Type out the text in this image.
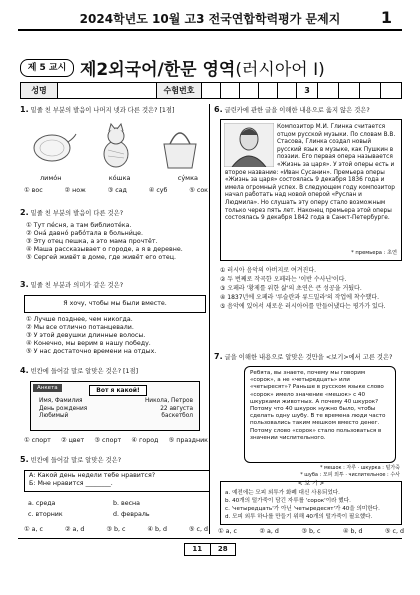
2024학년도 10월 고3 전국연합학력평가 문제지	1
제 5 교시 제2외국어/한문 영역(러시아어 Ⅰ)
성명	수험번호	3
1. 밑줄 친 부분의 발음이 나머지 넷과 다른 것은? [1점]
лимо́н	ко́шка	су́мка
① вос	② нож	③ сад	④ суб	⑤ сок
2. 밑줄 친 부분의 발음이 다른 것은?
① Тут пе́сня, а там библиоте́ка.
② Она́ давно́ рабо́тала в больни́це.
③ Эту отец пешка, а это мама прочтёт.
④ Маша рассказывает о городе, а я в деревне.
⑤ Сергей живёт в доме, где живёт его отец.
3. 밑줄 친 부분과 의미가 같은 것은?
Я хочу, чтобы мы были вместе.
① Лучше позднее, чем никогда.
② Мы все отлично потанцевали.
③ У этой девушки длинные волосы.
④ Конечно, мы верим в нашу победу.
⑤ У нас достаточно времени на отдых.
4. 빈칸에 들어갈 말로 알맞은 것은? [1점]
Анкета	Вот я какой!
Имя, Фамилия	Никола, Петров
День рождения	22 августа
Любимый	баскетбол
① спорт ② цвет ③ спорт ④ город ⑤ праздник
5. 빈칸에 들어갈 말로 알맞은 것은?
A: Какой день недели тебе нравится?
Б: Мне нравится ________.
a. среда	b. весна
c. вторник	d. февраль
① a, c	② a, d	③ b, c	④ b, d	⑤ c, d
6. 글린카에 관한 글을 이해한 내용으로 옳지 않은 것은?
Композитор М.И. Глинка считается отцом русской музыки. По словам В.В. Стасова, Глинка создал новый русский язык в музыке, как Пушкин в поэзии. Его первая опера называется «Жизнь за царя». У этой оперы есть и второе название: «Иван Сусанин». Премьера оперы «Жизнь за царя» состоялась 9 декабря 1836 года и имела огромный успех. В следующем году композитор начал работать над новой оперой «Руслан и Людмила». Но слушать эту оперу стало возможным только через пять лет. Наконец премьера этой оперы состоялась 9 декабря 1842 года в Санкт-Петербурге.
* премьера : 초연
① 러시아 음악의 아버지로 여겨진다.
② 두 번째로 작곡한 오페라는 '이반 수사닌'이다.
③ 오페라 '황제를 위한 삶'의 초연은 큰 성공을 거뒀다.
④ 1837년에 오페라 '루슬란과 류드밀라'의 작업에 착수했다.
⑤ 음악에 있어서 새로운 러시아어를 만들어냈다는 평가가 있다.
7. 글을 이해한 내용으로 알맞은 것만을 <보기>에서 고른 것은?
Ребята, вы знаете, почему мы говорим «сорок», а не «четыредцать» или «четыресят»? Раньше в русском языке слово «сорок» имело значение «мешок» с 40 шкурками животных. А почему 40 шкурок? Потому что 40 шкурок нужно было, чтобы сделать одну шубу. В те времена люди часто пользовались таким мешком вместо денег. Потому слово «сорок» стало пользоваться в значении числительного.
* мешок : 자루 · шкурка : 털가죽
* шуба : 모피 외투 · числительное : 수사
< 보 기 >
a. 예전에는 모피 외투가 화폐 대신 사용되었다.
b. 40개의 털가죽이 담긴 자루를 'сорок'이라 했다.
c. 'четыредцать'가 아닌 'четыредесят'가 40을 의미한다.
d. 모피 외투 하나를 만들기 위해 40개의 털가죽이 필요했다.
① a, c	② a, d	③ b, c	④ b, d	⑤ c, d
11	28
